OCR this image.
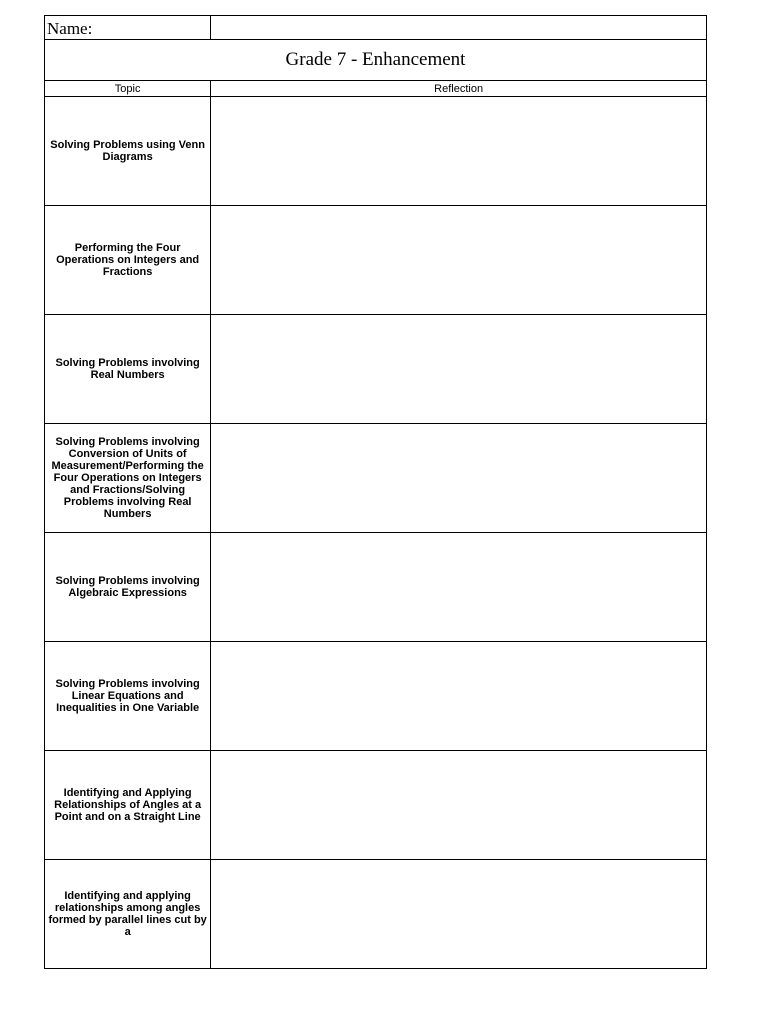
Name:	
Grade 7 - Enhancement	
Topic	Reflection
Solving Problems using Venn Diagrams	
Performing the Four Operations on Integers and Fractions	
Solving Problems involving Real Numbers	
Solving Problems involving Conversion of Units of Measurement/Performing the Four Operations on Integers and Fractions/Solving Problems involving Real Numbers	
Solving Problems involving Algebraic Expressions	
Solving Problems involving Linear Equations and Inequalities in One Variable	
Identifying and Applying Relationships of Angles at a Point and on a Straight Line	
Identifying and applying relationships among angles formed by parallel lines cut by a	
